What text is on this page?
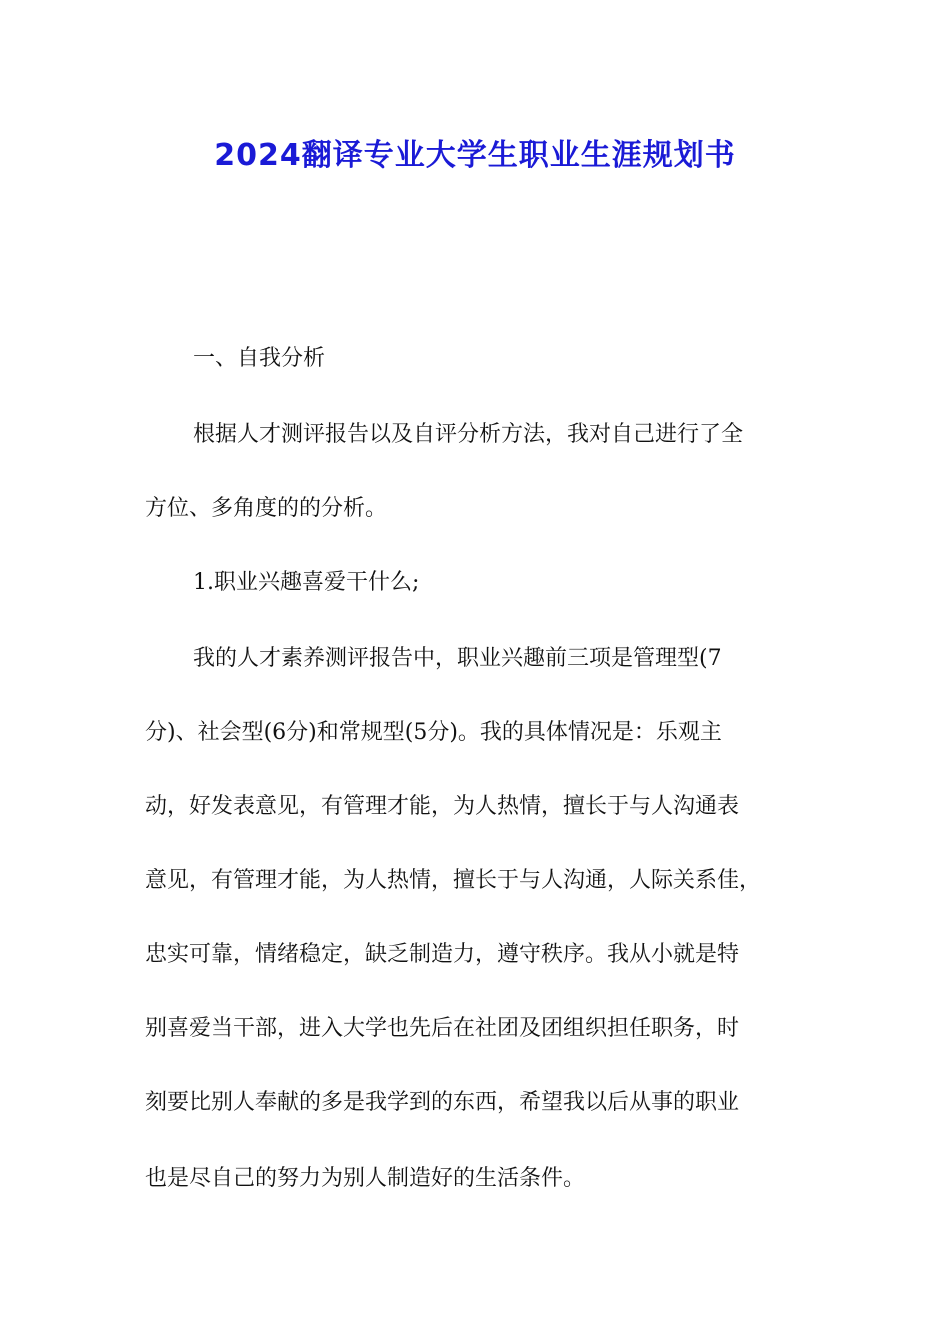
2024翻译专业大学生职业生涯规划书
一、自我分析
根据人才测评报告以及自评分析方法，我对自己进行了全
方位、多角度的的分析。
1.职业兴趣喜爱干什么;
我的人才素养测评报告中，职业兴趣前三项是管理型(7
分)、社会型(6分)和常规型(5分)。我的具体情况是：乐观主
动，好发表意见，有管理才能，为人热情，擅长于与人沟通表
意见，有管理才能，为人热情，擅长于与人沟通，人际关系佳，
忠实可靠，情绪稳定，缺乏制造力，遵守秩序。我从小就是特
别喜爱当干部，进入大学也先后在社团及团组织担任职务，时
刻要比别人奉献的多是我学到的东西，希望我以后从事的职业
也是尽自己的努力为别人制造好的生活条件。
